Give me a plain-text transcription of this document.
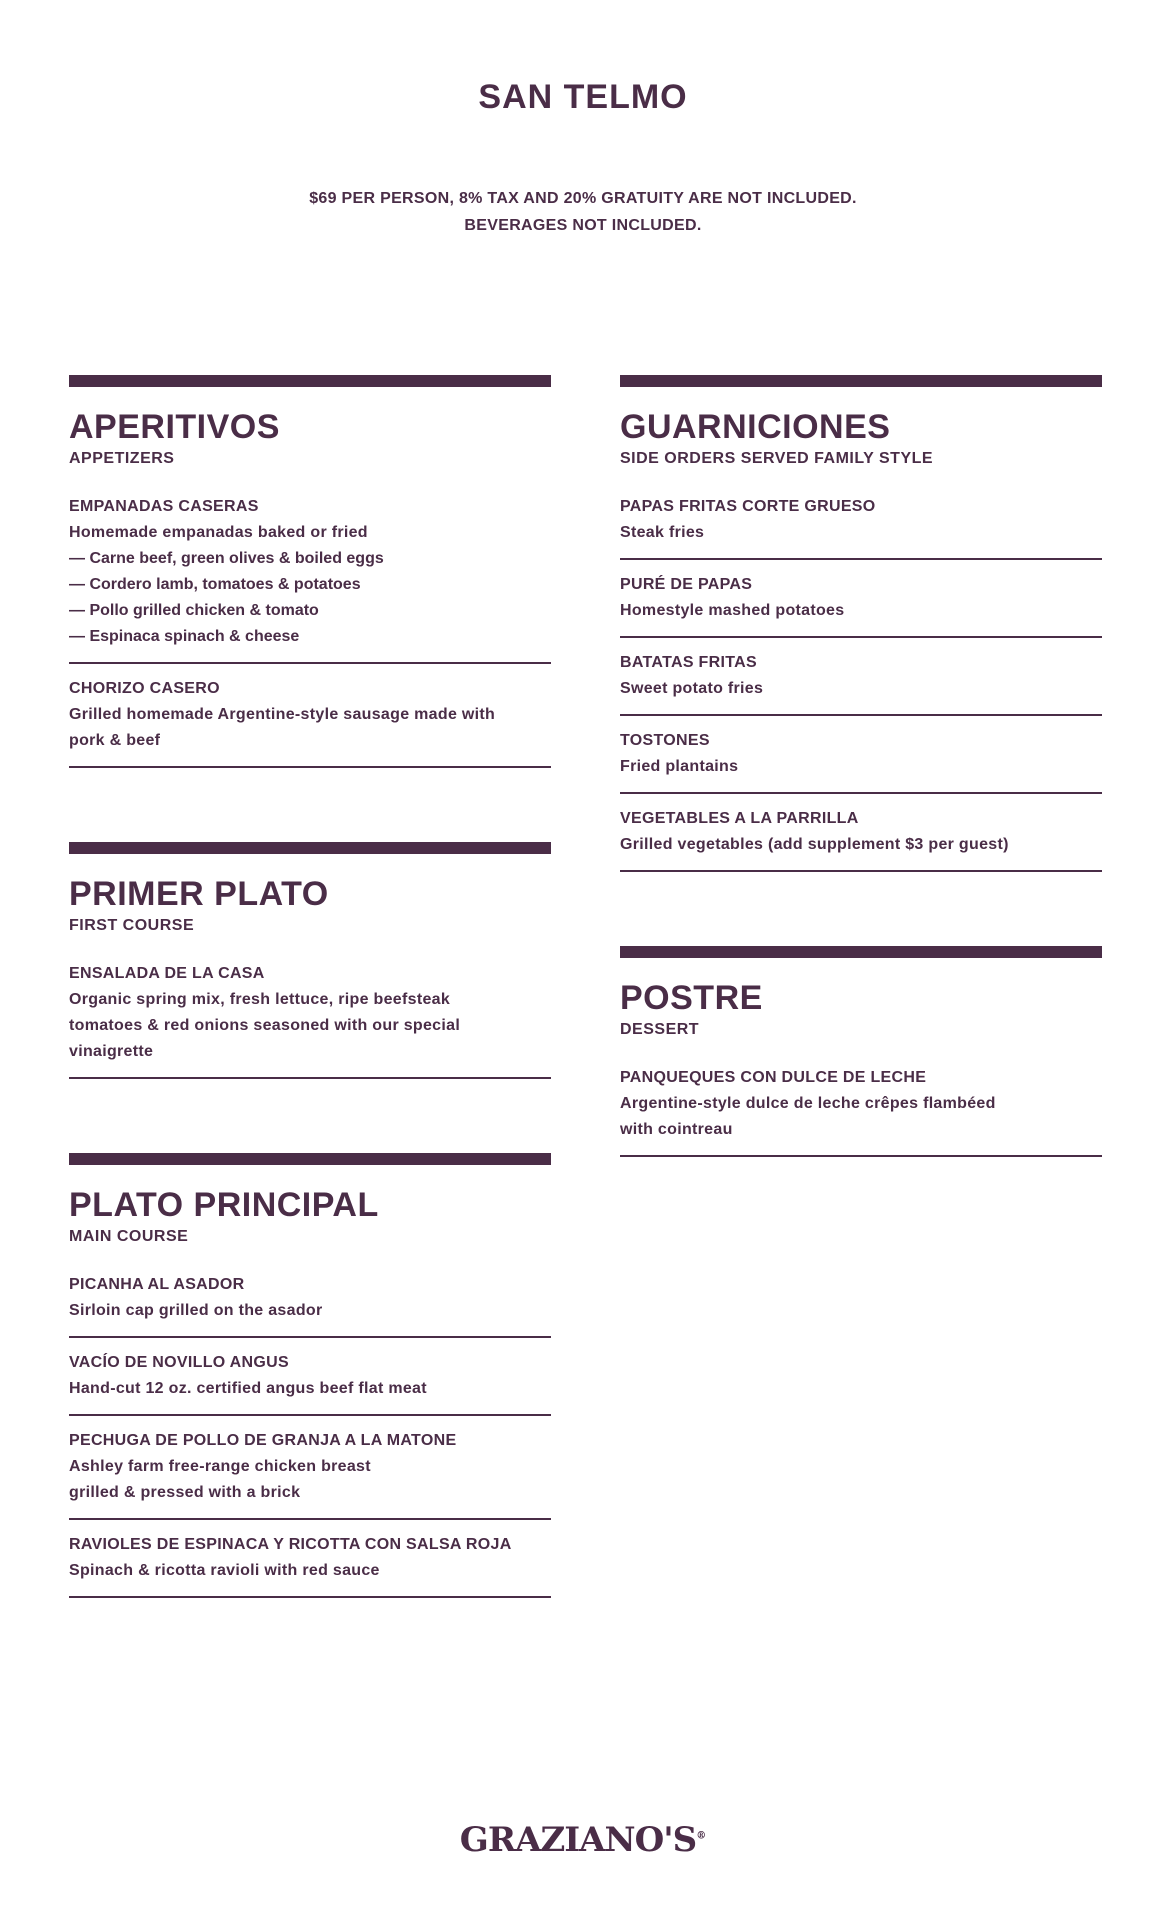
SAN TELMO
$69 PER PERSON, 8% TAX AND 20% GRATUITY ARE NOT INCLUDED.
BEVERAGES NOT INCLUDED.
APERITIVOS
APPETIZERS
EMPANADAS CASERAS
Homemade empanadas baked or fried
— Carne beef, green olives & boiled eggs
— Cordero lamb, tomatoes & potatoes
— Pollo grilled chicken & tomato
— Espinaca spinach & cheese
CHORIZO CASERO
Grilled homemade Argentine-style sausage made with
pork & beef
PRIMER PLATO
FIRST COURSE
ENSALADA DE LA CASA
Organic spring mix, fresh lettuce, ripe beefsteak
tomatoes & red onions seasoned with our special
vinaigrette
PLATO PRINCIPAL
MAIN COURSE
PICANHA AL ASADOR
Sirloin cap grilled on the asador
VACÍO DE NOVILLO ANGUS
Hand-cut 12 oz. certified angus beef flat meat
PECHUGA DE POLLO DE GRANJA A LA MATONE
Ashley farm free-range chicken breast
grilled & pressed with a brick
RAVIOLES DE ESPINACA Y RICOTTA CON SALSA ROJA
Spinach & ricotta ravioli with red sauce
GUARNICIONES
SIDE ORDERS SERVED FAMILY STYLE
PAPAS FRITAS CORTE GRUESO
Steak fries
PURÉ DE PAPAS
Homestyle mashed potatoes
BATATAS FRITAS
Sweet potato fries
TOSTONES
Fried plantains
VEGETABLES A LA PARRILLA
Grilled vegetables (add supplement $3 per guest)
POSTRE
DESSERT
PANQUEQUES CON DULCE DE LECHE
Argentine-style dulce de leche crêpes flambéed
with cointreau
GRAZIANO'S®
